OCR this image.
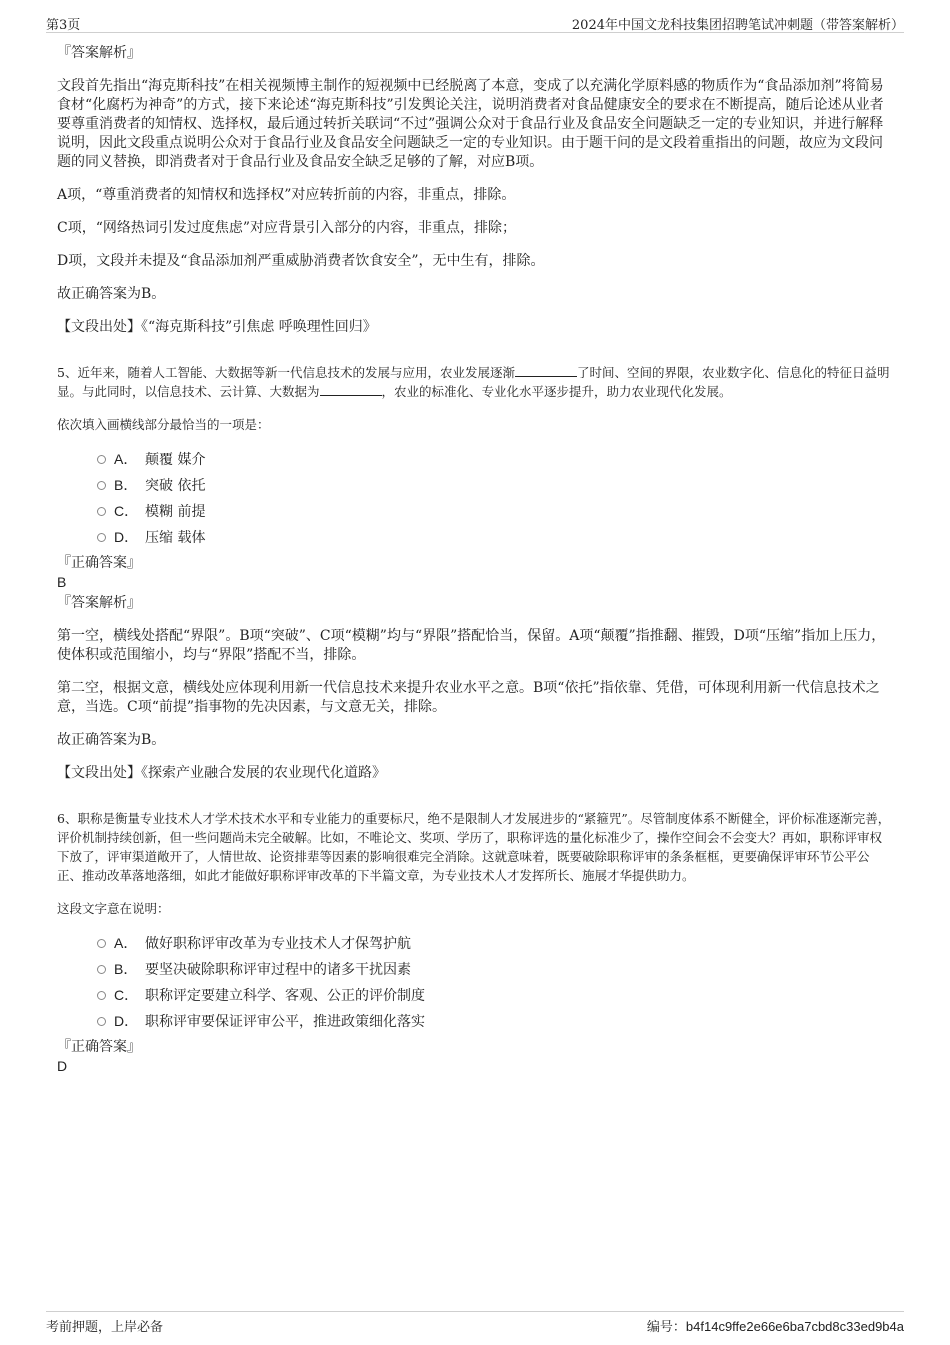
第3页	2024年中国文龙科技集团招聘笔试冲刺题（带答案解析）

『答案解析』

文段首先指出“海克斯科技”在相关视频博主制作的短视频中已经脱离了本意，变成了以充满化学原料感的物质作为“食品添加剂”将简易食材“化腐朽为神奇”的方式，接下来论述“海克斯科技”引发舆论关注，说明消费者对食品健康安全的要求在不断提高，随后论述从业者要尊重消费者的知情权、选择权，最后通过转折关联词“不过”强调公众对于食品行业及食品安全问题缺乏一定的专业知识，并进行解释说明，因此文段重点说明公众对于食品行业及食品安全问题缺乏一定的专业知识。由于题干问的是文段着重指出的问题，故应为文段问题的同义替换，即消费者对于食品行业及食品安全缺乏足够的了解，对应B项。

A项，“尊重消费者的知情权和选择权”对应转折前的内容，非重点，排除。

C项，“网络热词引发过度焦虑”对应背景引入部分的内容，非重点，排除；

D项，文段并未提及“食品添加剂严重威胁消费者饮食安全”，无中生有，排除。

故正确答案为B。

【文段出处】《“海克斯科技”引焦虑 呼唤理性回归》

5、近年来，随着人工智能、大数据等新一代信息技术的发展与应用，农业发展逐渐	了时间、空间的界限，农业数字化、信息化的特征日益明显。与此同时，以信息技术、云计算、大数据为	，农业的标准化、专业化水平逐步提升，助力农业现代化发展。

依次填入画横线部分最恰当的一项是：

A． 颠覆 媒介
B． 突破 依托
C． 模糊 前提
D． 压缩 载体

『正确答案』

B

『答案解析』

第一空，横线处搭配“界限”。B项“突破”、C项“模糊”均与“界限”搭配恰当，保留。A项“颠覆”指推翻、摧毁，D项“压缩”指加上压力，使体积或范围缩小，均与“界限”搭配不当，排除。

第二空，根据文意，横线处应体现利用新一代信息技术来提升农业水平之意。B项“依托”指依靠、凭借，可体现利用新一代信息技术之意，当选。C项“前提”指事物的先决因素，与文意无关，排除。

故正确答案为B。

【文段出处】《探索产业融合发展的农业现代化道路》

6、职称是衡量专业技术人才学术技术水平和专业能力的重要标尺，绝不是限制人才发展进步的“紧箍咒”。尽管制度体系不断健全，评价标准逐渐完善，评价机制持续创新，但一些问题尚未完全破解。比如，不唯论文、奖项、学历了，职称评选的量化标准少了，操作空间会不会变大？再如，职称评审权下放了，评审渠道敞开了，人情世故、论资排辈等因素的影响很难完全消除。这就意味着，既要破除职称评审的条条框框，更要确保评审环节公平公正、推动改革落地落细，如此才能做好职称评审改革的下半篇文章，为专业技术人才发挥所长、施展才华提供助力。

这段文字意在说明：

A． 做好职称评审改革为专业技术人才保驾护航
B． 要坚决破除职称评审过程中的诸多干扰因素
C． 职称评定要建立科学、客观、公正的评价制度
D． 职称评审要保证评审公平，推进政策细化落实

『正确答案』

D

考前押题，上岸必备	编号：b4f14c9ffe2e66e6ba7cbd8c33ed9b4a
